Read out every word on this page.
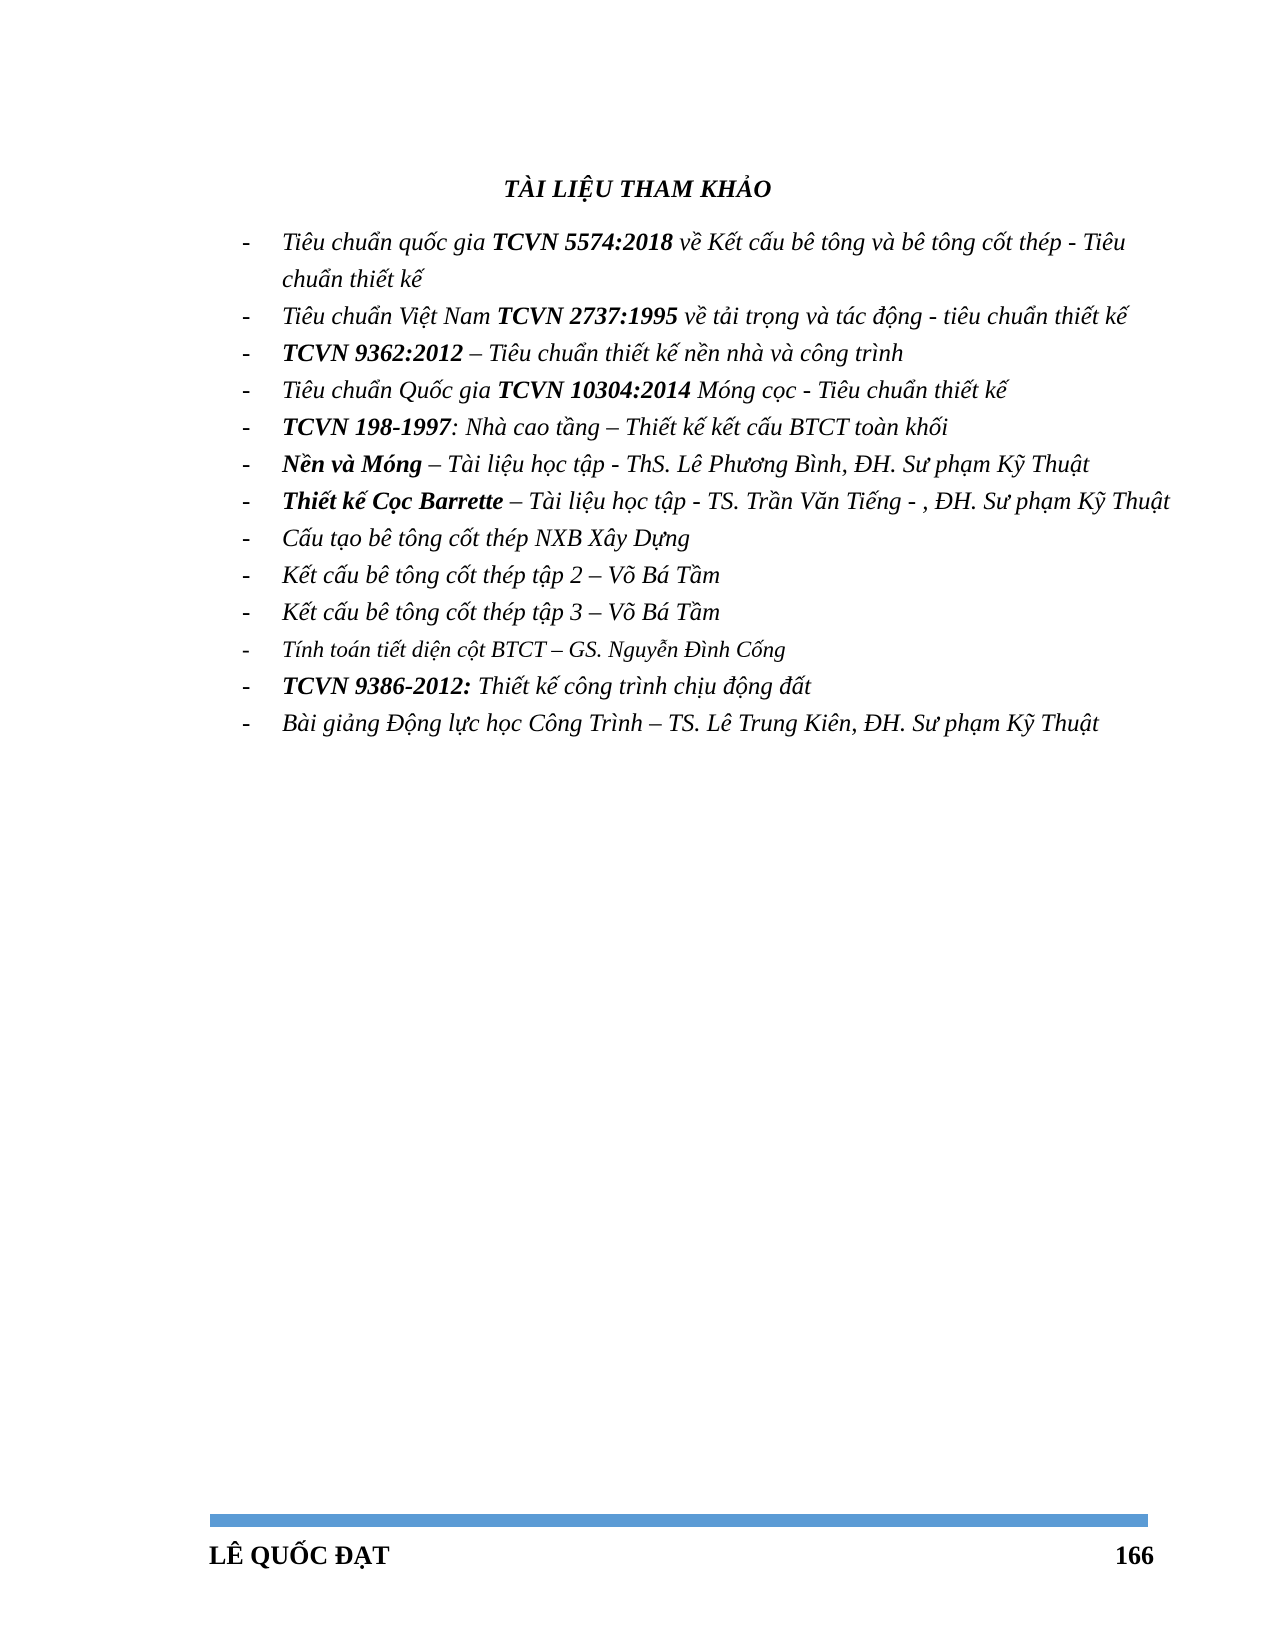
TÀI LIỆU THAM KHẢO
-	Tiêu chuẩn quốc gia TCVN 5574:2018 về Kết cấu bê tông và bê tông cốt thép - Tiêu chuẩn thiết kế
-	Tiêu chuẩn Việt Nam TCVN 2737:1995 về tải trọng và tác động - tiêu chuẩn thiết kế
-	TCVN 9362:2012 – Tiêu chuẩn thiết kế nền nhà và công trình
-	Tiêu chuẩn Quốc gia TCVN 10304:2014 Móng cọc - Tiêu chuẩn thiết kế
-	TCVN 198-1997: Nhà cao tầng – Thiết kế kết cấu BTCT toàn khối
-	Nền và Móng – Tài liệu học tập - ThS. Lê Phương Bình, ĐH. Sư phạm Kỹ Thuật
-	Thiết kế Cọc Barrette – Tài liệu học tập - TS. Trần Văn Tiếng - , ĐH. Sư phạm Kỹ Thuật
-	Cấu tạo bê tông cốt thép NXB Xây Dựng
-	Kết cấu bê tông cốt thép tập 2 – Võ Bá Tầm
-	Kết cấu bê tông cốt thép tập 3 – Võ Bá Tầm
-	Tính toán tiết diện cột BTCT – GS. Nguyễn Đình Cống
-	TCVN 9386-2012: Thiết kế công trình chịu động đất
-	Bài giảng Động lực học Công Trình – TS. Lê Trung Kiên, ĐH. Sư phạm Kỹ Thuật
LÊ QUỐC ĐẠT	166
